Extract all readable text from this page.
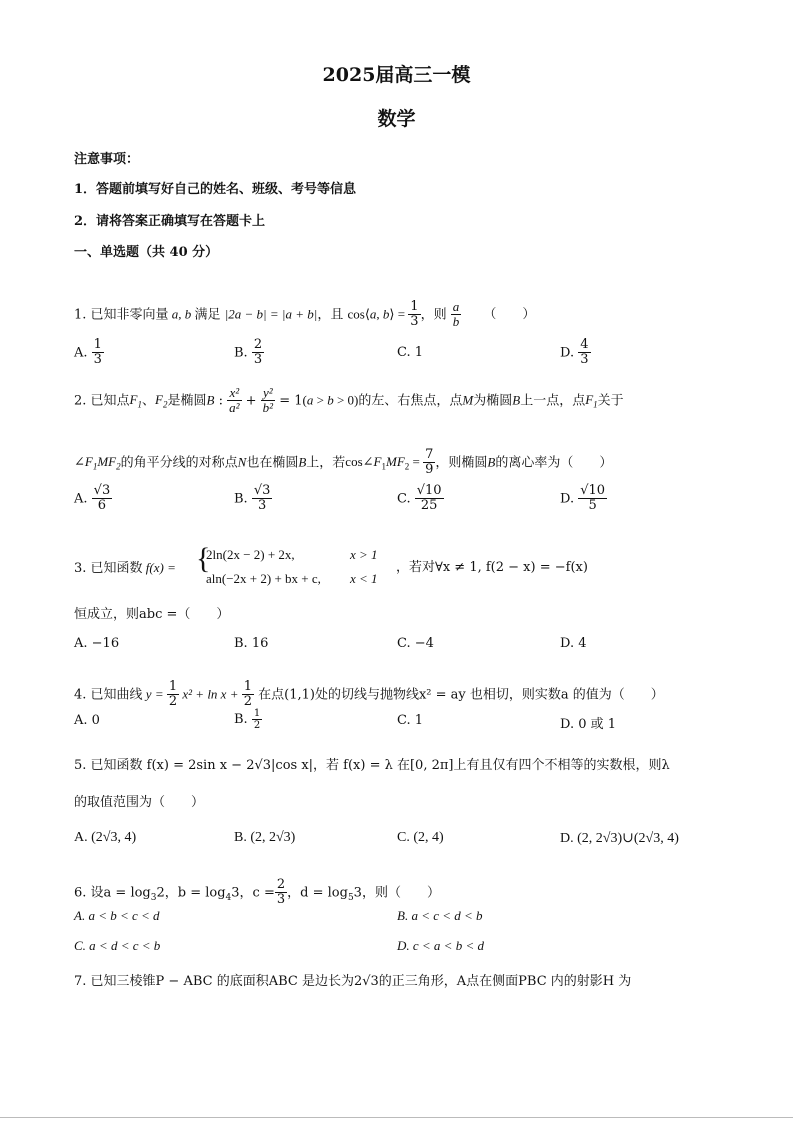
2025届高三一模
数学
注意事项：
1．答题前填写好自己的姓名、班级、考号等信息
2．请将答案正确填写在答题卡上
一、单选题（共 40 分）
1. 已知非零向量 a, b 满足 |2a − b| = |a + b|，且 cos⟨a, b⟩ = $\frac{1}{3}$ ，则 $\frac{a}{b}$ （　　）
A. $\frac{1}{3}$	B. $\frac{2}{3}$	C. 1	D. $\frac{4}{3}$
2. 已知点$F_1$、$F_2$是椭圆B : $\frac{\text{x²}}{\text{a²}} + \frac{\text{y²}}{\text{b²}} = 1(a > b > 0)$的左、右焦点，点M为椭圆B上一点，点$F_1$关于
$\angle F_1MF_2$的角平分线的对称点N也在椭圆B上，若$\cos\angle F_1MF_2 = \frac{7}{9}$ ，则椭圆B的离心率为（　　）
A. $\frac{√3}{6}$	B. $\frac{√3}{3}$	C. $\frac{√10}{25}$	D. $\frac{√10}{5}$
3. 已知函数 f(x) = {
2ln(2x − 2) + 2x,	x > 1
aln(−2x + 2) + bx + c, x < 1
，若对∀x ≠ 1, f(2 − x) = −f(x)
恒成立，则abc =（　　）
A. −16	B. 16	C. −4	D. 4
4. 已知曲线 $y = \frac{1}{2} x^2 + \ln x + \frac{1}{2}$ 在点(1,1)处的切线与抛物线x² = ay 也相切，则实数a 的值为（　　）
A. 0	B. $\frac{1}{2}$	C. 1	D. 0 或 1
5. 已知函数 f(x) = 2sin x − 2√3|cos x|，若 f(x) = λ 在[0, 2π]上有且仅有四个不相等的实数根，则λ
的取值范围为（　　）
A. (2√3, 4)	B. (2, 2√3)	C. (2, 4)	D. (2, 2√3)∪(2√3, 4)
6. 设$a = \log_32$，$b = \log_43$，$c = \frac{2}{3}$ ，$d = \log_53$，则（　　）
A. a < b < c < d	B. a < c < d < b
C. a < d < c < b	D. c < a < b < d
7. 已知三棱锥P − ABC 的底面积ABC 是边长为2√3的正三角形，A点在侧面PBC 内的射影H 为
